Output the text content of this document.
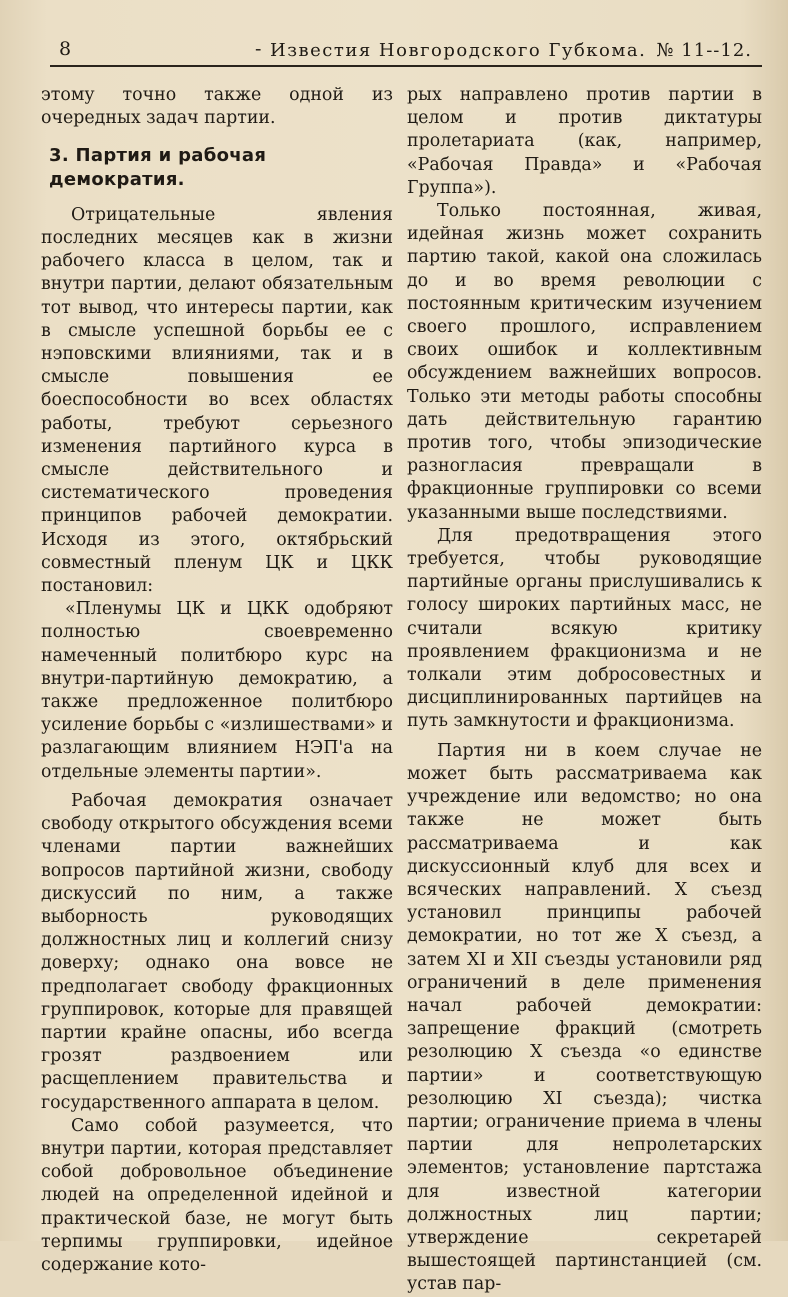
8	- Известия Новгородского Губкома. № 11--12.

этому точно также одной из очередных задач партии.

3. Партия и рабочая демократия.

Отрицательные явления последних месяцев как в жизни рабочего класса в целом, так и внутри партии, делают обязательным тот вывод, что интересы партии, как в смысле успешной борьбы ее с нэповскими влияниями, так и в смысле повышения ее боеспособности во всех областях работы, требуют серьезного изменения партийного курса в смысле действительного и систематического проведения принципов рабочей демократии. Исходя из этого, октябрьский совместный пленум ЦК и ЦКК постановил:

«Пленумы ЦК и ЦКК одобряют полностью своевременно намеченный политбюро курс на внутри-партийную демократию, а также предложенное политбюро усиление борьбы с «излишествами» и разлагающим влиянием НЭП'а на отдельные элементы партии».

Рабочая демократия означает свободу открытого обсуждения всеми членами партии важнейших вопросов партийной жизни, свободу дискуссий по ним, а также выборность руководящих должностных лиц и коллегий снизу доверху; однако она вовсе не предполагает свободу фракционных группировок, которые для правящей партии крайне опасны, ибо всегда грозят раздвоением или расщеплением правительства и государственного аппарата в целом.

Само собой разумеется, что внутри партии, которая представляет собой добровольное объединение людей на определенной идейной и практической базе, не могут быть терпимы группировки, идейное содержание кото-

рых направлено против партии в целом и против диктатуры пролетариата (как, например, «Рабочая Правда» и «Рабочая Группа»).

Только постоянная, живая, идейная жизнь может сохранить партию такой, какой она сложилась до и во время революции с постоянным критическим изучением своего прошлого, исправлением своих ошибок и коллективным обсуждением важнейших вопросов. Только эти методы работы способны дать действительную гарантию против того, чтобы эпизодические разногласия превращали в фракционные группировки со всеми указанными выше последствиями.

Для предотвращения этого требуется, чтобы руководящие партийные органы прислушивались к голосу широких партийных масс, не считали всякую критику проявлением фракционизма и не толкали этим добросовестных и дисциплинированных партийцев на путь замкнутости и фракционизма.

Партия ни в коем случае не может быть рассматриваема как учреждение или ведомство; но она также не может быть рассматриваема и как дискуссионный клуб для всех и всяческих направлений. X съезд установил принципы рабочей демократии, но тот же X съезд, а затем XI и XII съезды установили ряд ограничений в деле применения начал рабочей демократии: запрещение фракций (смотреть резолюцию X съезда «о единстве партии» и соответствующую резолюцию XI съезда); чистка партии; ограничение приема в члены партии для непролетарских элементов; установление партстажа для известной категории должностных лиц партии; утверждение секретарей вышестоящей партинстанцией (см. устав пар-
